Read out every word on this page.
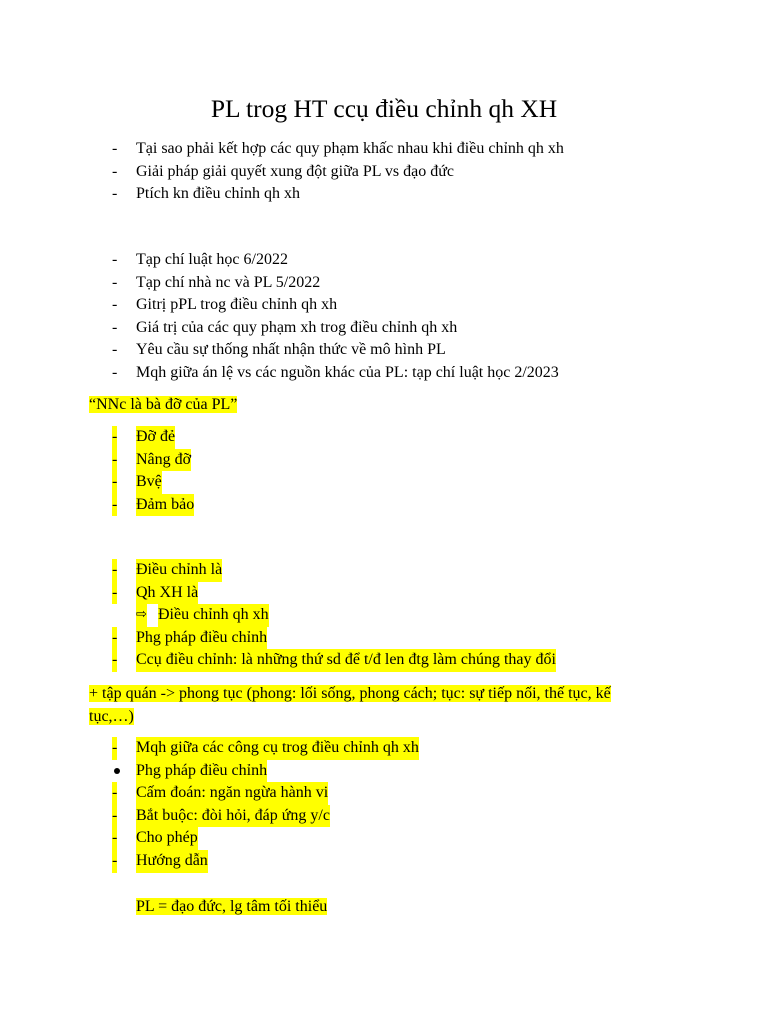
PL trog HT ccụ điều chỉnh qh XH
- Tại sao phải kết hợp các quy phạm khấc nhau khi điều chỉnh qh xh
- Giải pháp giải quyết xung đột giữa PL vs đạo đức
- Ptích kn điều chỉnh qh xh
- Tạp chí luật học 6/2022
- Tạp chí nhà nc và PL 5/2022
- Gitrị pPL trog điều chỉnh qh xh
- Giá trị của các quy phạm xh trog điều chỉnh qh xh
- Yêu cầu sự thống nhất nhận thức về mô hình PL
- Mqh giữa án lệ vs các nguồn khác của PL: tạp chí luật học 2/2023
“NNc là bà đỡ của PL”
- Đỡ đẻ
- Nâng đỡ
- Bvệ
- Đảm bảo
- Điều chỉnh là
- Qh XH là
⇨ Điều chỉnh qh xh
- Phg pháp điều chỉnh
- Ccụ điều chỉnh: là những thứ sd để t/đ len đtg làm chúng thay đổi
+ tập quán -> phong tục (phong: lối sống, phong cách; tục: sự tiếp nối, thế tục, kế
tục,…)
- Mqh giữa các công cụ trog điều chỉnh qh xh
Phg pháp điều chỉnh
- Cấm đoán: ngăn ngừa hành vi
- Bắt buộc: đòi hỏi, đáp ứng y/c
- Cho phép
- Hướng dẫn
PL = đạo đức, lg tâm tối thiểu
